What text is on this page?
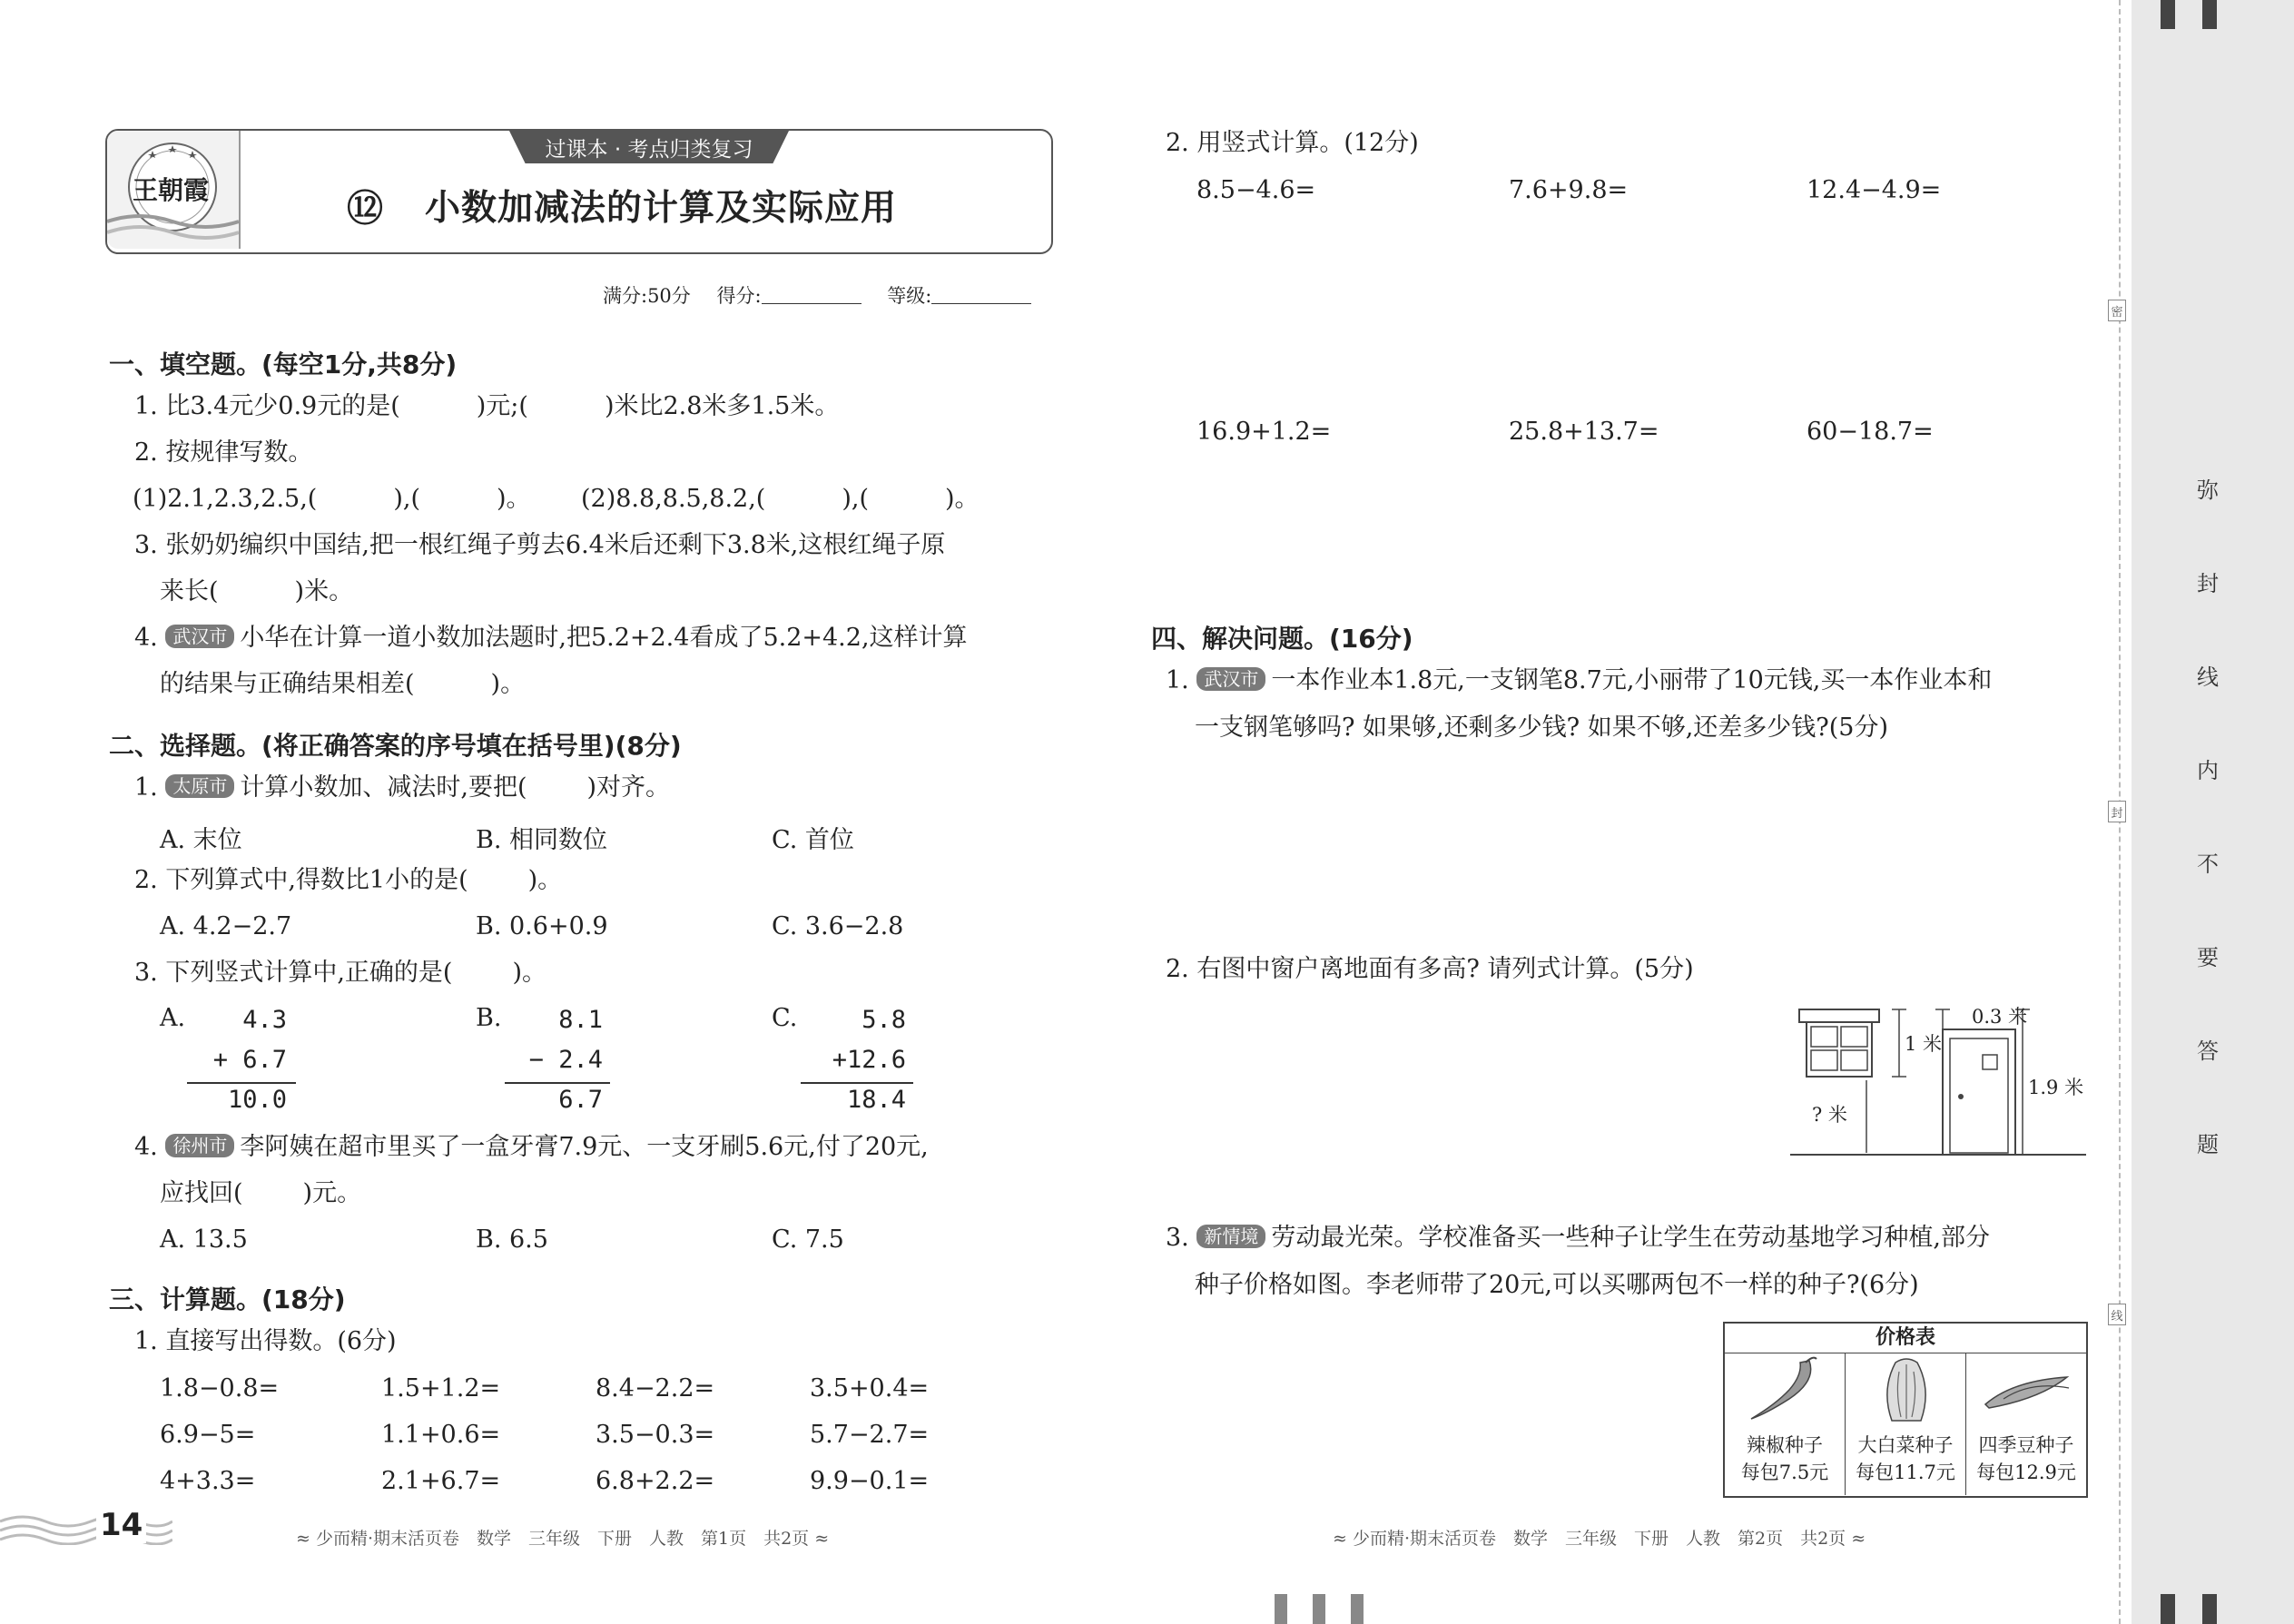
王朝霞
过课本 · 考点归类复习
⑫ 小数加减法的计算及实际应用
满分:50分 得分:	等级:
一、填空题。(每空1分,共8分)
1. 比3.4元少0.9元的是(	)元;(	)米比2.8米多1.5米。
2. 按规律写数。
(1)2.1,2.3,2.5,(	),(	)。 (2)8.8,8.5,8.2,(	),(	)。
3. 张奶奶编织中国结,把一根红绳子剪去6.4米后还剩下3.8米,这根红绳子原
来长(	)米。
4. 武汉市 小华在计算一道小数加法题时,把5.2+2.4看成了5.2+4.2,这样计算
的结果与正确结果相差(	)。
二、选择题。(将正确答案的序号填在括号里)(8分)
1. 太原市 计算小数加、减法时,要把( )对齐。
A. 末位	B. 相同数位	C. 首位
2. 下列算式中,得数比1小的是( )。
A. 4.2−2.7	B. 0.6+0.9	C. 3.6−2.8
3. 下列竖式计算中,正确的是( )。
A.	4.3
+ 6.7
10.0
B.	8.1
− 2.4
6.7
C.	5.8
+12.6
18.4
4. 徐州市 李阿姨在超市里买了一盒牙膏7.9元、一支牙刷5.6元,付了20元,
应找回( )元。
A. 13.5	B. 6.5	C. 7.5
三、计算题。(18分)
1. 直接写出得数。(6分)
1.8−0.8=	1.5+1.2=	8.4−2.2=	3.5+0.4=
6.9−5=	1.1+0.6=	3.5−0.3=	5.7−2.7=
4+3.3=	2.1+6.7=	6.8+2.2=	9.9−0.1=
14	≈ 少而精·期末活页卷　数学　三年级　下册　人教　第1页　共2页 ≈
2. 用竖式计算。(12分)
8.5−4.6=	7.6+9.8=	12.4−4.9=
16.9+1.2=	25.8+13.7=	60−18.7=
四、解决问题。(16分)
1. 武汉市 一本作业本1.8元,一支钢笔8.7元,小丽带了10元钱,买一本作业本和
一支钢笔够吗? 如果够,还剩多少钱? 如果不够,还差多少钱?(5分)
2. 右图中窗户离地面有多高? 请列式计算。(5分)
0.3 米
1 米
1.9 米
? 米
3. 新情境 劳动最光荣。学校准备买一些种子让学生在劳动基地学习种植,部分
种子价格如图。李老师带了20元,可以买哪两包不一样的种子?(6分)
价格表
辣椒种子
每包7.5元
大白菜种子
每包11.7元
四季豆种子
每包12.9元
≈ 少而精·期末活页卷　数学　三年级　下册　人教　第2页　共2页 ≈
密
封
线
弥
封
线
内
不
要
答
题
